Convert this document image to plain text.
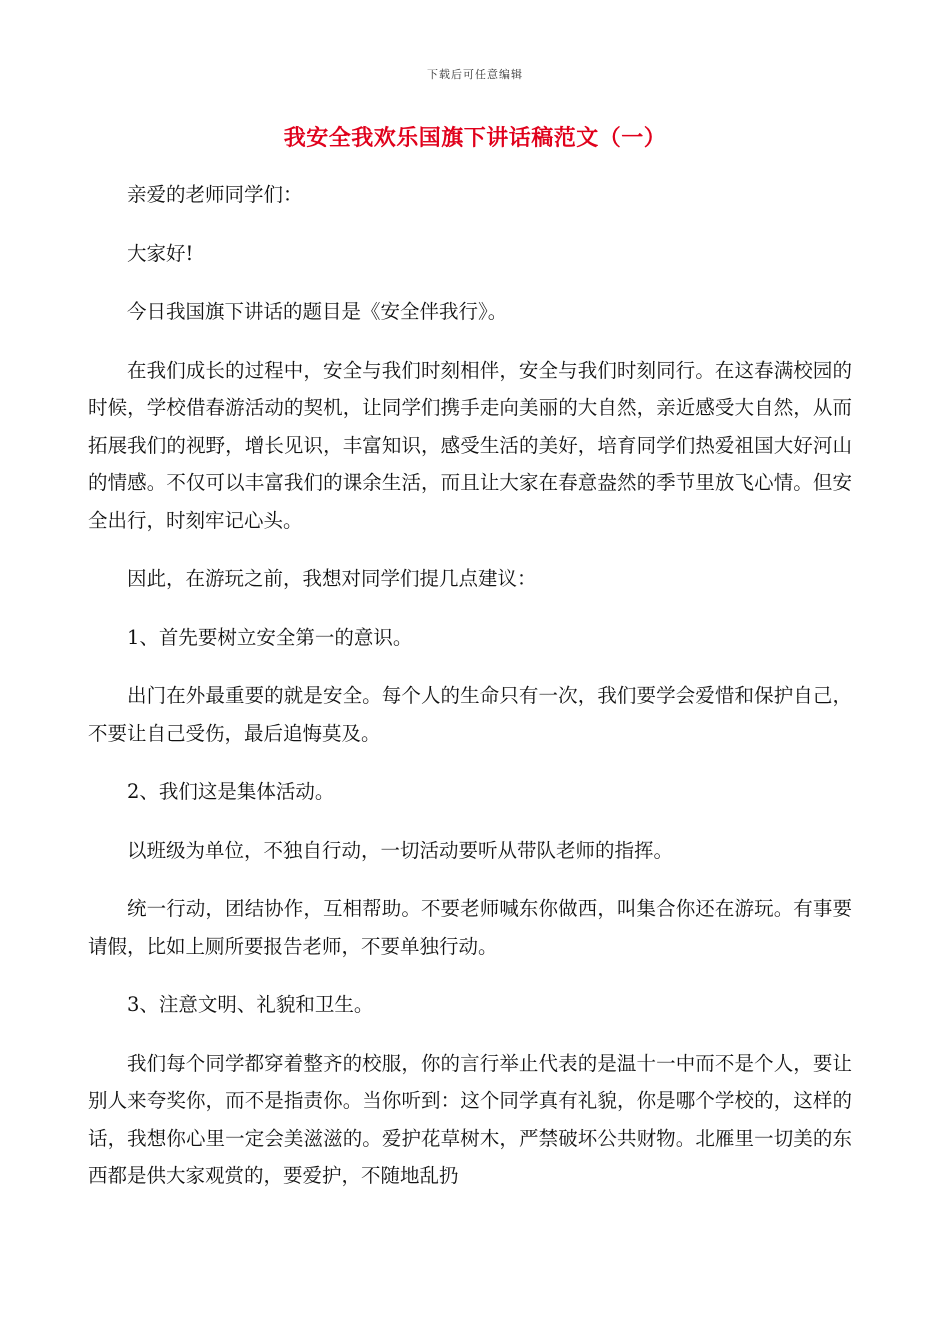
下载后可任意编辑
我安全我欢乐国旗下讲话稿范文（一）

亲爱的老师同学们：

大家好!

今日我国旗下讲话的题目是《安全伴我行》。

在我们成长的过程中，安全与我们时刻相伴，安全与我们时刻同行。在这春满校园的时候，学校借春游活动的契机，让同学们携手走向美丽的大自然，亲近感受大自然，从而拓展我们的视野，增长见识，丰富知识，感受生活的美好，培育同学们热爱祖国大好河山的情感。不仅可以丰富我们的课余生活，而且让大家在春意盎然的季节里放飞心情。但安全出行，时刻牢记心头。

因此，在游玩之前，我想对同学们提几点建议：

1、首先要树立安全第一的意识。

出门在外最重要的就是安全。每个人的生命只有一次，我们要学会爱惜和保护自己，不要让自己受伤，最后追悔莫及。

2、我们这是集体活动。

以班级为单位，不独自行动，一切活动要听从带队老师的指挥。

统一行动，团结协作，互相帮助。不要老师喊东你做西，叫集合你还在游玩。有事要请假，比如上厕所要报告老师，不要单独行动。

3、注意文明、礼貌和卫生。

我们每个同学都穿着整齐的校服，你的言行举止代表的是温十一中而不是个人，要让别人来夸奖你，而不是指责你。当你听到：这个同学真有礼貌，你是哪个学校的，这样的话，我想你心里一定会美滋滋的。爱护花草树木，严禁破坏公共财物。北雁里一切美的东西都是供大家观赏的，要爱护，不随地乱扔
